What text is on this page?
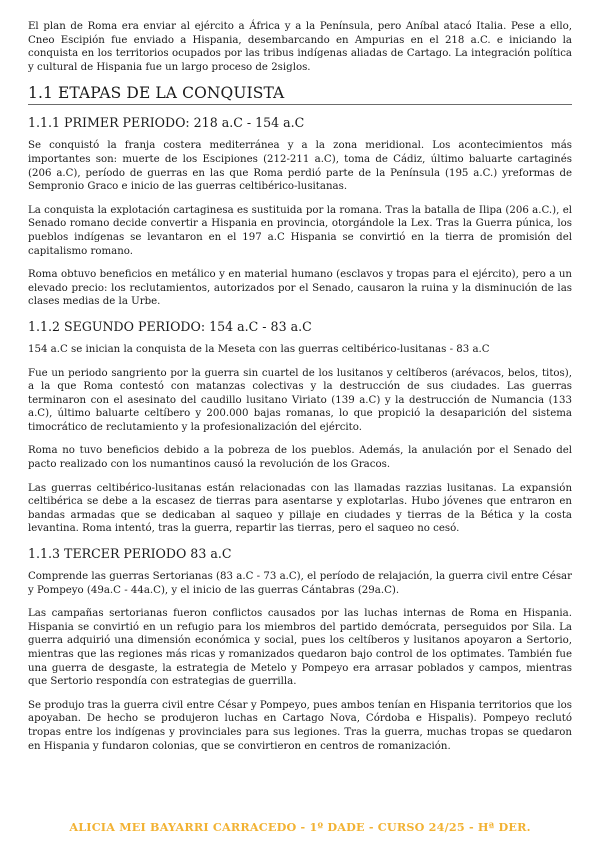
El plan de Roma era enviar al ejército a África y a la Península, pero Aníbal atacó Italia. Pese a ello, Cneo Escipión fue enviado a Hispania, desembarcando en Ampurias en el 218 a.C. e iniciando la conquista en los territorios ocupados por las tribus indígenas aliadas de Cartago. La integración política y cultural de Hispania fue un largo proceso de 2siglos.

1.1 ETAPAS DE LA CONQUISTA
1.1.1 PRIMER PERIODO: 218 a.C - 154 a.C

Se conquistó la franja costera mediterránea y a la zona meridional. Los acontecimientos más importantes son: muerte de los Escipiones (212-211 a.C), toma de Cádiz, último baluarte cartaginés (206 a.C), período de guerras en las que Roma perdió parte de la Península (195 a.C.) yreformas de Sempronio Graco e inicio de las guerras celtibérico-lusitanas.

La conquista la explotación cartaginesa es sustituida por la romana. Tras la batalla de Ilipa (206 a.C.), el Senado romano decide convertir a Hispania en provincia, otorgándole la Lex. Tras la Guerra púnica, los pueblos indígenas se levantaron en el 197 a.C Hispania se convirtió en la tierra de promisión del capitalismo romano.

Roma obtuvo beneficios en metálico y en material humano (esclavos y tropas para el ejército), pero a un elevado precio: los reclutamientos, autorizados por el Senado, causaron la ruina y la disminución de las clases medias de la Urbe.

1.1.2 SEGUNDO PERIODO: 154 a.C - 83 a.C

154 a.C se inician la conquista de la Meseta con las guerras celtibérico-lusitanas - 83 a.C

Fue un periodo sangriento por la guerra sin cuartel de los lusitanos y celtíberos (arévacos, belos, titos), a la que Roma contestó con matanzas colectivas y la destrucción de sus ciudades. Las guerras terminaron con el asesinato del caudillo lusitano Viriato (139 a.C) y la destrucción de Numancia (133 a.C), último baluarte celtíbero y 200.000 bajas romanas, lo que propició la desaparición del sistema timocrático de reclutamiento y la profesionalización del ejército.

Roma no tuvo beneficios debido a la pobreza de los pueblos. Además, la anulación por el Senado del pacto realizado con los numantinos causó la revolución de los Gracos.

Las guerras celtibérico-lusitanas están relacionadas con las llamadas razzias lusitanas. La expansión celtibérica se debe a la escasez de tierras para asentarse y explotarlas. Hubo jóvenes que entraron en bandas armadas que se dedicaban al saqueo y pillaje en ciudades y tierras de la Bética y la costa levantina. Roma intentó, tras la guerra, repartir las tierras, pero el saqueo no cesó.

1.1.3 TERCER PERIODO 83 a.C

Comprende las guerras Sertorianas (83 a.C - 73 a.C), el período de relajación, la guerra civil entre César y Pompeyo (49a.C - 44a.C), y el inicio de las guerras Cántabras (29a.C).

Las campañas sertorianas fueron conflictos causados por las luchas internas de Roma en Hispania. Hispania se convirtió en un refugio para los miembros del partido demócrata, perseguidos por Sila. La guerra adquirió una dimensión económica y social, pues los celtíberos y lusitanos apoyaron a Sertorio, mientras que las regiones más ricas y romanizados quedaron bajo control de los optimates. También fue una guerra de desgaste, la estrategia de Metelo y Pompeyo era arrasar poblados y campos, mientras que Sertorio respondía con estrategias de guerrilla.

Se produjo tras la guerra civil entre César y Pompeyo, pues ambos tenían en Hispania territorios que los apoyaban. De hecho se produjeron luchas en Cartago Nova, Córdoba e Hispalis). Pompeyo reclutó tropas entre los indígenas y provinciales para sus legiones. Tras la guerra, muchas tropas se quedaron en Hispania y fundaron colonias, que se convirtieron en centros de romanización.

ALICIA MEI BAYARRI CARRACEDO - 1º DADE - CURSO 24/25 - Hª DER.
